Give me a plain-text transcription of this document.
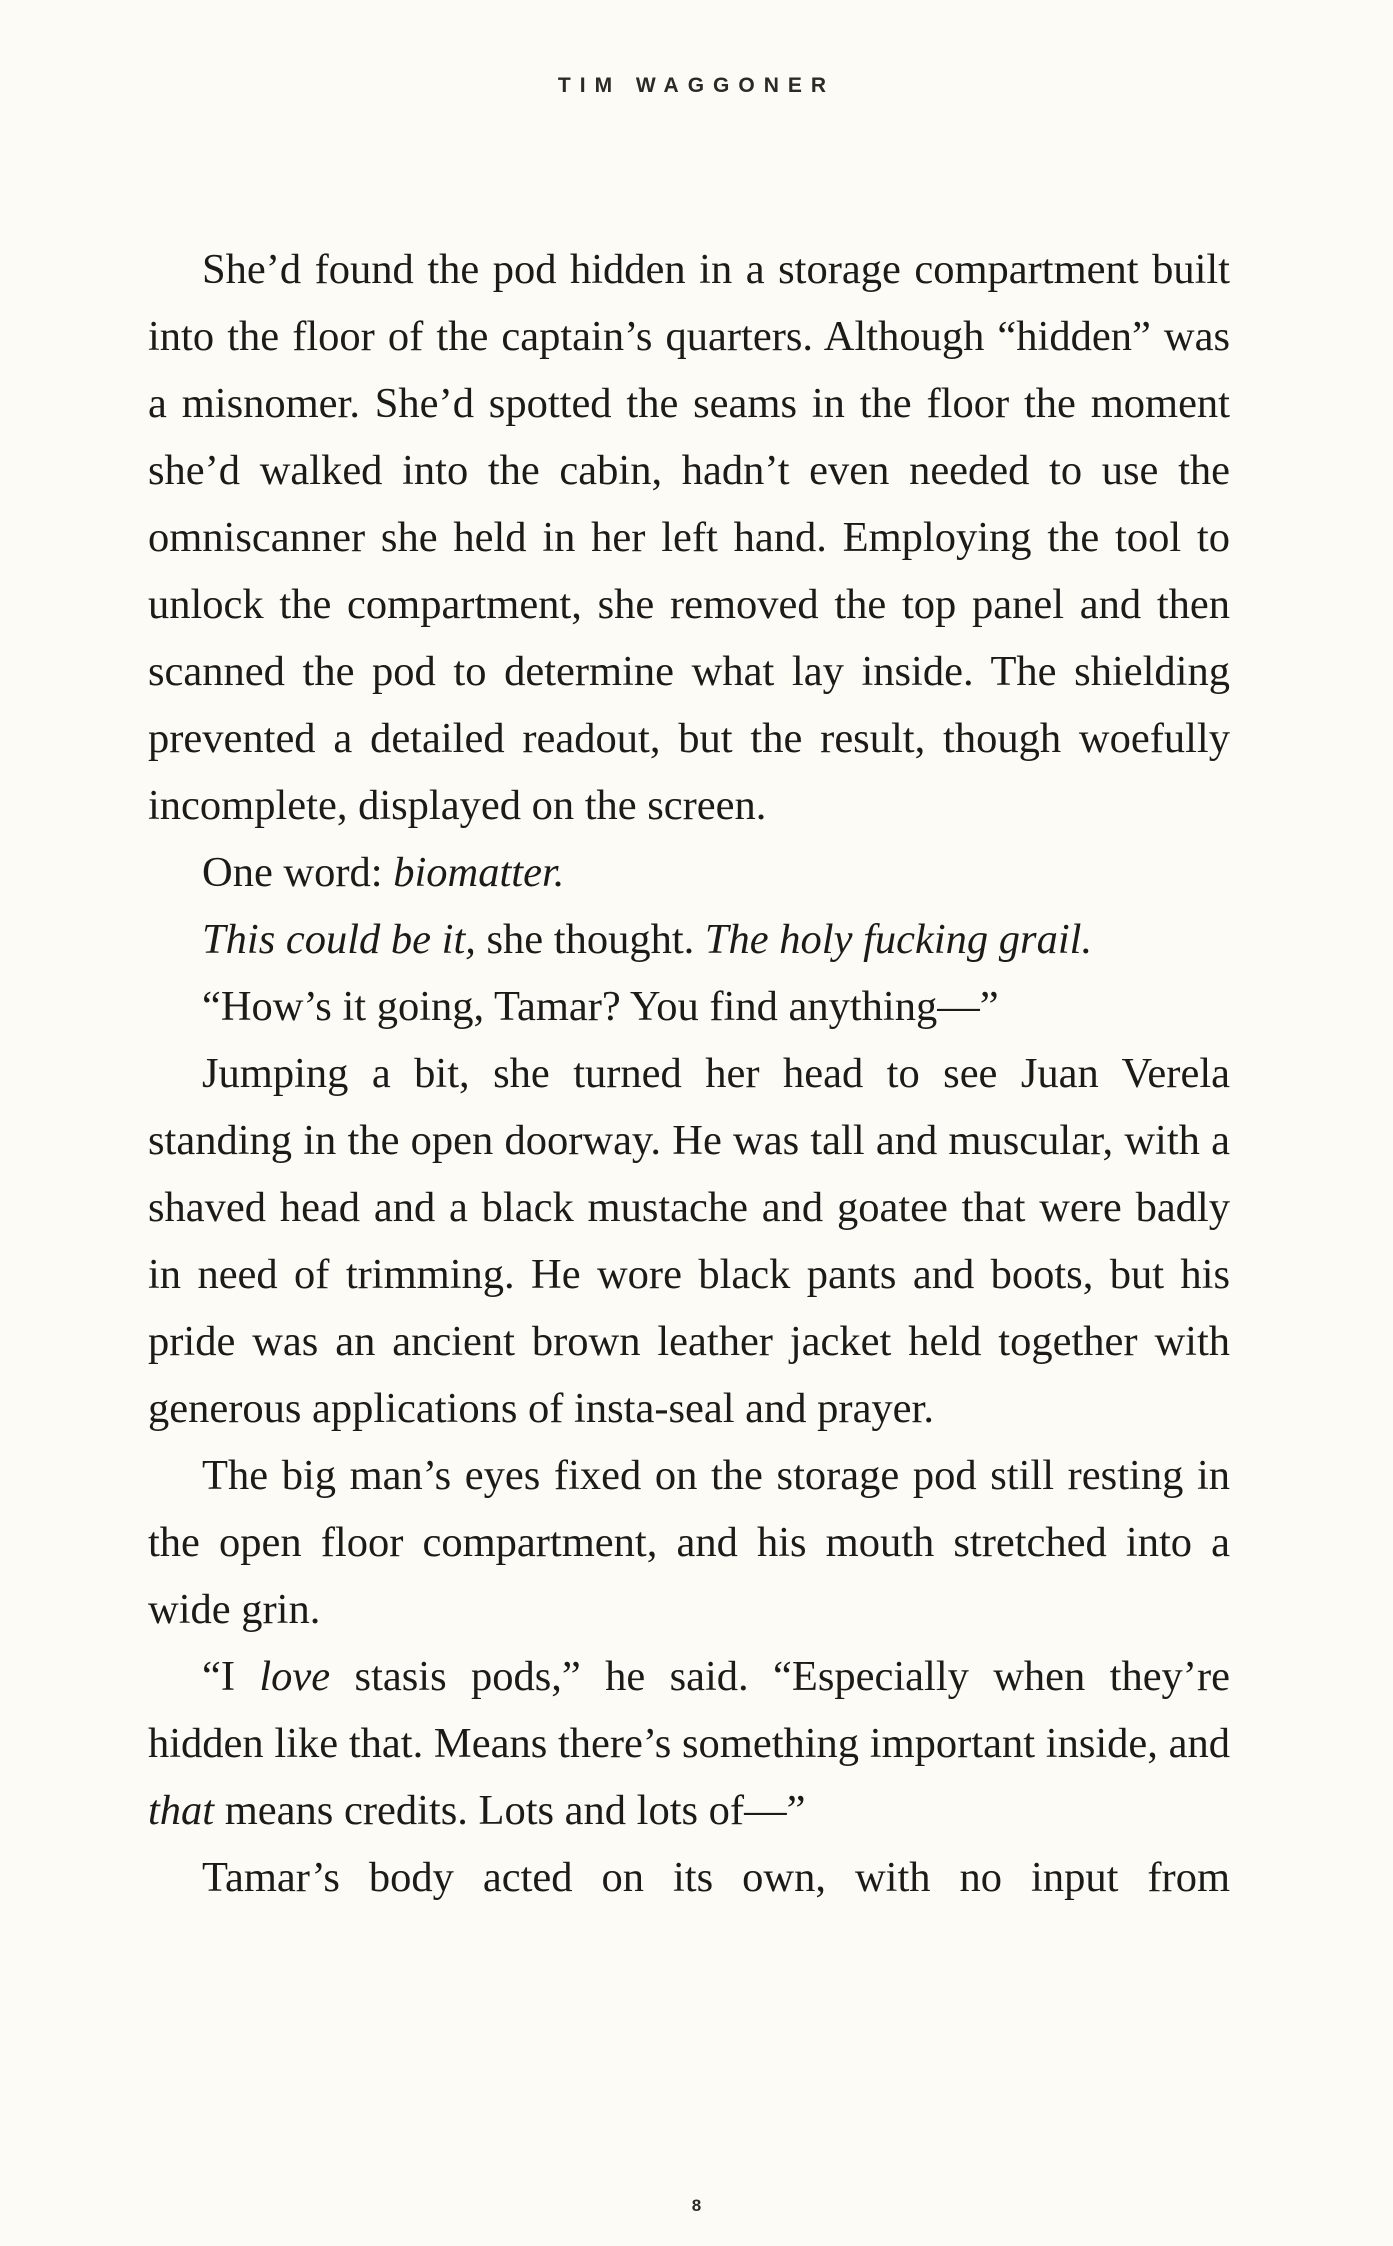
TIM WAGGONER

She’d found the pod hidden in a storage compartment built into the floor of the captain’s quarters. Although “hidden” was a misnomer. She’d spotted the seams in the floor the moment she’d walked into the cabin, hadn’t even needed to use the omniscanner she held in her left hand. Employing the tool to unlock the compartment, she removed the top panel and then scanned the pod to determine what lay inside. The shielding prevented a detailed readout, but the result, though woefully incomplete, displayed on the screen.

One word: biomatter.

This could be it, she thought. The holy fucking grail.

“How’s it going, Tamar? You find anything—”

Jumping a bit, she turned her head to see Juan Verela standing in the open doorway. He was tall and muscular, with a shaved head and a black mustache and goatee that were badly in need of trimming. He wore black pants and boots, but his pride was an ancient brown leather jacket held together with generous applications of insta-seal and prayer.

The big man’s eyes fixed on the storage pod still resting in the open floor compartment, and his mouth stretched into a wide grin.

“I love stasis pods,” he said. “Especially when they’re hidden like that. Means there’s something important inside, and that means credits. Lots and lots of—”

Tamar’s body acted on its own, with no input from

8
